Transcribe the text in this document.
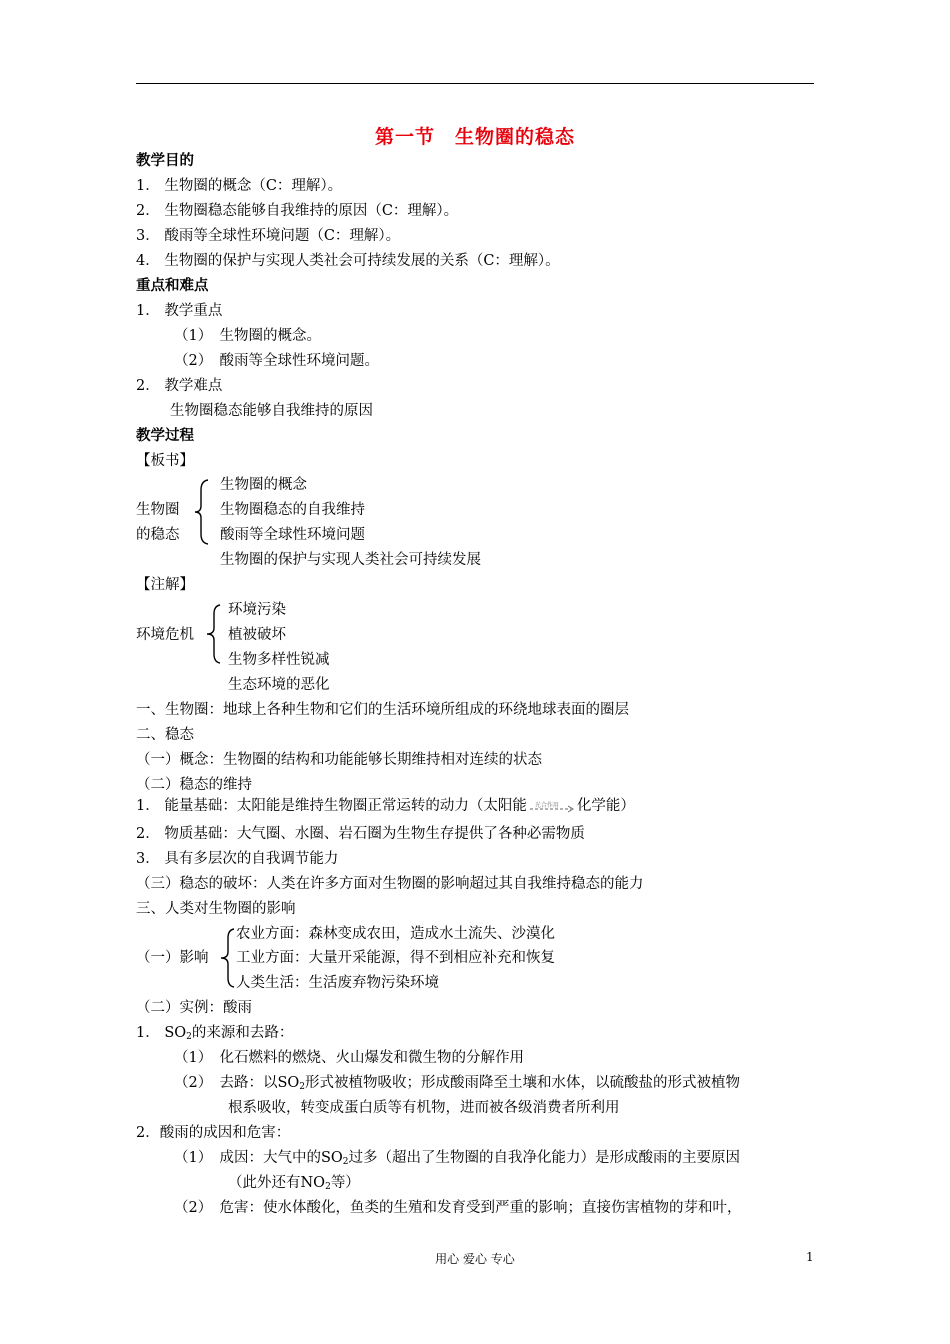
第一节　生物圈的稳态
教学目的
1． 生物圈的概念（C：理解）。
2． 生物圈稳态能够自我维持的原因（C：理解）。
3． 酸雨等全球性环境问题（C：理解）。
4． 生物圈的保护与实现人类社会可持续发展的关系（C：理解）。
重点和难点
1． 教学重点
（1）　生物圈的概念。
（2）　酸雨等全球性环境问题。
2． 教学难点
生物圈稳态能够自我维持的原因
教学过程
【板书】
生物圈
的稳态
生物圈的概念
生物圈稳态的自我维持
酸雨等全球性环境问题
生物圈的保护与实现人类社会可持续发展
【注解】
环境危机
环境污染
植被破坏
生物多样性锐减
生态环境的恶化
一、生物圈：地球上各种生物和它们的生活环境所组成的环绕地球表面的圈层
二、稳态
（一）概念：生物圈的结构和功能能够长期维持相对连续的状态
（二）稳态的维持
1． 能量基础：太阳能是维持生物圈正常运转的动力（太阳能 光合作用 化学能）
2． 物质基础：大气圈、水圈、岩石圈为生物生存提供了各种必需物质
3． 具有多层次的自我调节能力
（三）稳态的破坏：人类在许多方面对生物圈的影响超过其自我维持稳态的能力
三、人类对生物圈的影响
（一）影响
农业方面：森林变成农田，造成水土流失、沙漠化
工业方面：大量开采能源，得不到相应补充和恢复
人类生活：生活废弃物污染环境
（二）实例：酸雨
1． $SO_2$的来源和去路：
（1）　化石燃料的燃烧、火山爆发和微生物的分解作用
（2）　去路：以$SO_2$形式被植物吸收；形成酸雨降至土壤和水体，以硫酸盐的形式被植物
根系吸收，转变成蛋白质等有机物，进而被各级消费者所利用
2．酸雨的成因和危害：
（1）　成因：大气中的$SO_2$过多（超出了生物圈的自我净化能力）是形成酸雨的主要原因
（此外还有$NO_2$等）
（2）　危害：使水体酸化，鱼类的生殖和发育受到严重的影响；直接伤害植物的芽和叶，
用心 爱心 专心	1
